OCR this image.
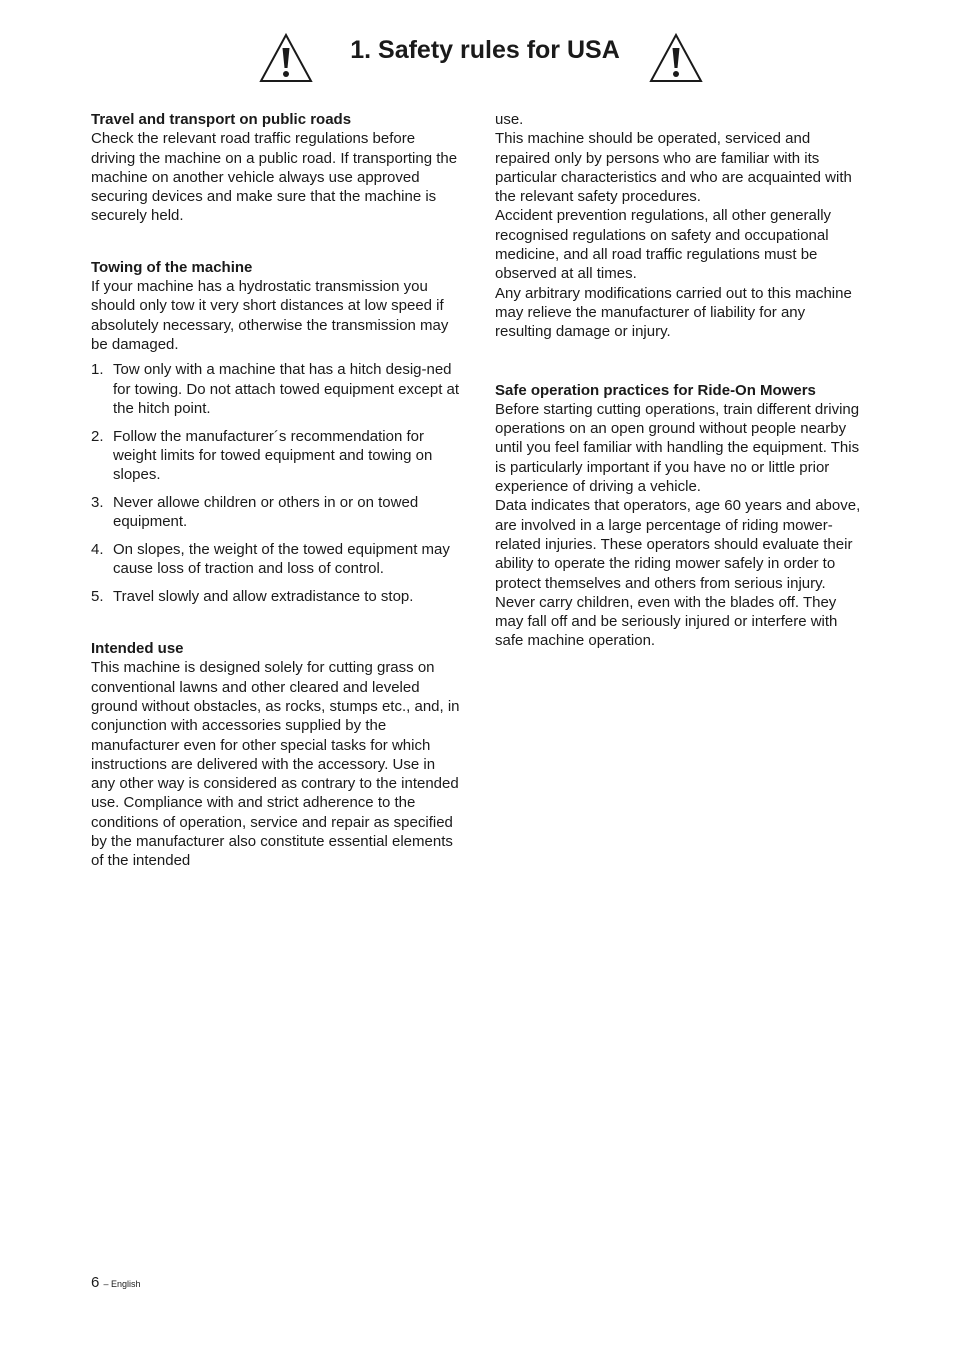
1. Safety rules for USA

Travel and transport on public roads

Check the relevant road traffic regulations before driving the machine on a public road. If transporting the machine on another vehicle always use approved securing devices and make sure that the machine is securely held.

Towing of the machine

If your machine has a hydrostatic transmission you should only tow it very short distances at low speed if absolutely necessary, otherwise the transmission may be damaged.

1. Tow only with a machine that has a hitch desig-ned for towing. Do not attach towed equipment except at the hitch point.
2. Follow the manufacturer´s recommendation for weight limits for towed equipment and towing on slopes.
3. Never allowe children or others in or on towed equipment.
4. On slopes, the weight of the towed equipment may cause loss of traction and loss of control.
5. Travel slowly and allow extradistance to stop.

Intended use

This machine is designed solely for cutting grass on conventional lawns and other cleared and leveled ground without obstacles, as rocks, stumps etc., and, in conjunction with accessories supplied by the manufacturer even for other special tasks for which instructions are delivered with the accessory. Use in any other way is considered as contrary to the intended use. Compliance with and strict adherence to the conditions of operation, service and repair as specified by the manufacturer also constitute essential elements of the intended

use.

This machine should be operated, serviced and repaired only by persons who are familiar with its particular characteristics and who are acquainted with the relevant safety procedures.

Accident prevention regulations, all other generally recognised regulations on safety and occupational medicine, and all road traffic regulations must be observed at all times.

Any arbitrary modifications carried out to this machine may relieve the manufacturer of liability for any resulting damage or injury.

Safe operation practices for Ride-On Mowers

Before starting cutting operations, train different driving operations on an open ground without people nearby until you feel familiar with handling the equipment. This is particularly important if you have no or little prior experience of driving a vehicle.

Data indicates that operators, age 60 years and above, are involved in a large percentage of riding mower-related injuries. These operators should evaluate their ability to operate the riding mower safely in order to protect themselves and others from serious injury.

Never carry children, even with the blades off. They may fall off and be seriously injured or interfere with safe machine operation.

6 – English
